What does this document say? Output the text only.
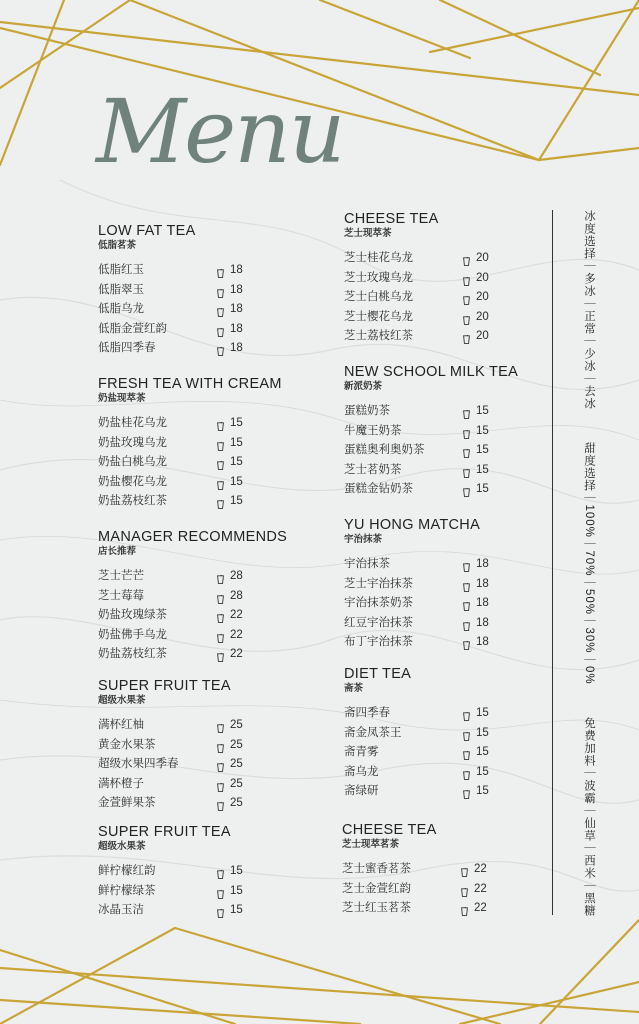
Menu
LOW FAT TEA
低脂茗茶
低脂红玉	18
低脂翠玉	18
低脂乌龙	18
低脂金萱红韵	18
低脂四季春	18
FRESH TEA WITH CREAM
奶盐现萃茶
奶盐桂花乌龙	15
奶盐玫瑰乌龙	15
奶盐白桃乌龙	15
奶盐樱花乌龙	15
奶盐荔枝红茶	15
MANAGER RECOMMENDS
店长推荐
芝士芒芒	28
芝士莓莓	28
奶盐玫瑰绿茶	22
奶盐佛手乌龙	22
奶盐荔枝红茶	22
SUPER FRUIT TEA
超级水果茶
满杯红柚	25
黄金水果茶	25
超级水果四季春	25
满杯橙子	25
金萱鲜果茶	25
SUPER FRUIT TEA
超级水果茶
鲜柠檬红韵	15
鲜柠檬绿茶	15
冰晶玉洁	15
CHEESE TEA
芝士现萃茶
芝士桂花乌龙	20
芝士玫瑰乌龙	20
芝士白桃乌龙	20
芝士樱花乌龙	20
芝士荔枝红茶	20
NEW SCHOOL MILK TEA
新派奶茶
蛋糕奶茶	15
牛魔王奶茶	15
蛋糕奥利奥奶茶	15
芝士茗奶茶	15
蛋糕金钻奶茶	15
YU HONG MATCHA
宇治抹茶
宇治抹茶	18
芝士宇治抹茶	18
宇治抹茶奶茶	18
红豆宇治抹茶	18
布丁宇治抹茶	18
DIET TEA
斋茶
斋四季春	15
斋金凤茶王	15
斋青雾	15
斋乌龙	15
斋绿研	15
CHEESE TEA
芝士现萃茗茶
芝士蜜香茗茶	22
芝士金萱红韵	22
芝士红玉茗茶	22
冰度选择｜多冰｜正常｜少冰｜去冰
甜度选择｜100%｜70%｜50%｜30%｜0%
免费加料｜波霸｜仙草｜西米｜黑糖
